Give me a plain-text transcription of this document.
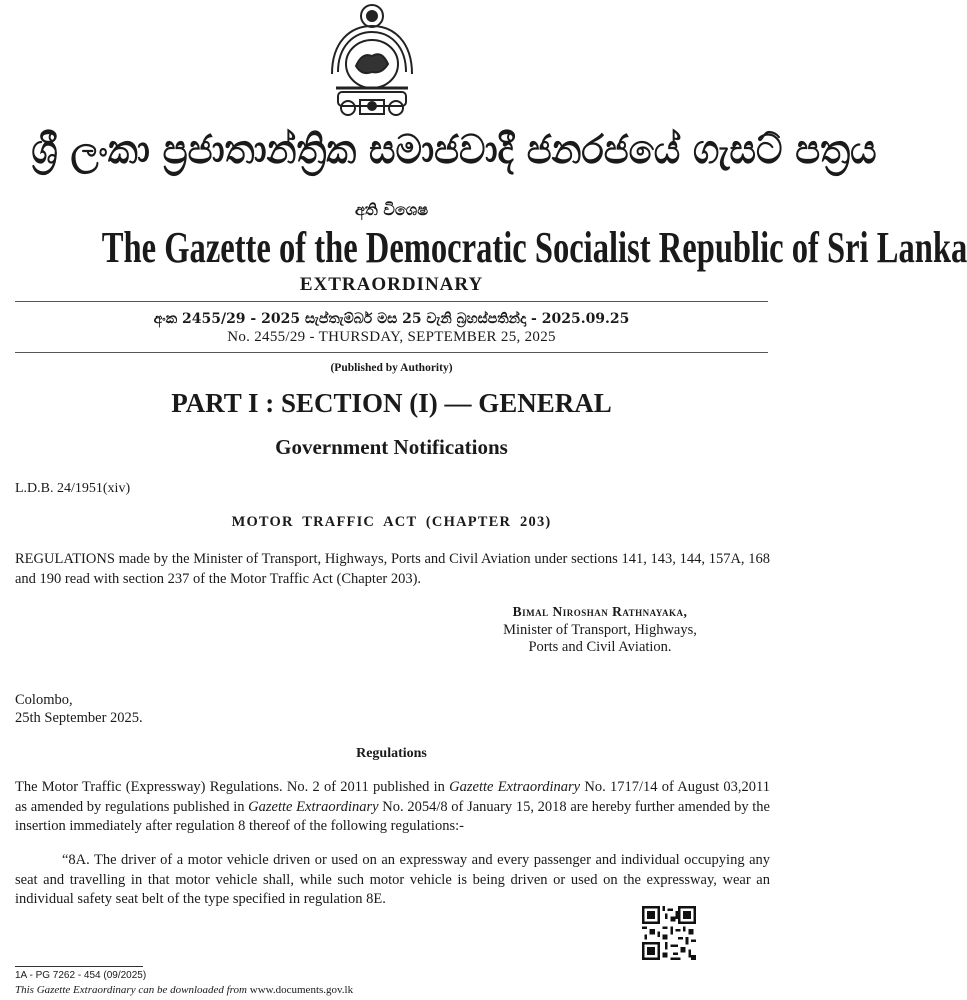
ශ්‍රී ලංකා ප්‍රජාතාන්ත්‍රික සමාජවාදී ජනරජයේ ගැසට් පත්‍රය
අති විශෙෂ
The Gazette of the Democratic Socialist Republic of Sri Lanka
EXTRAORDINARY
අංක 2455/29 - 2025 සැප්තැම්බර් මස 25 වැනි බ්‍රහස්පතින්දා - 2025.09.25
No. 2455/29 - THURSDAY, SEPTEMBER 25, 2025
(Published by Authority)
PART I : SECTION (I) — GENERAL
Government Notifications
L.D.B. 24/1951(xiv)
MOTOR TRAFFIC ACT (CHAPTER 203)
REGULATIONS made by the Minister of Transport, Highways, Ports and Civil Aviation under sections 141, 143, 144, 157A, 168 and 190 read with section 237 of the Motor Traffic Act (Chapter 203).
Bimal Niroshan Rathnayaka,
Minister of Transport, Highways,
Ports and Civil Aviation.
Colombo,
25th September 2025.
Regulations
The Motor Traffic (Expressway) Regulations. No. 2 of 2011 published in Gazette Extraordinary No. 1717/14 of August 03,2011 as amended by regulations published in Gazette Extraordinary No. 2054/8 of January 15, 2018 are hereby further amended by the insertion immediately after regulation 8 thereof of the following regulations:-
“8A. The driver of a motor vehicle driven or used on an expressway and every passenger and individual occupying any seat and travelling in that motor vehicle shall, while such motor vehicle is being driven or used on the expressway, wear an individual safety seat belt of the type specified in regulation 8E.
1A - PG 7262 - 454 (09/2025)
This Gazette Extraordinary can be downloaded from www.documents.gov.lk
